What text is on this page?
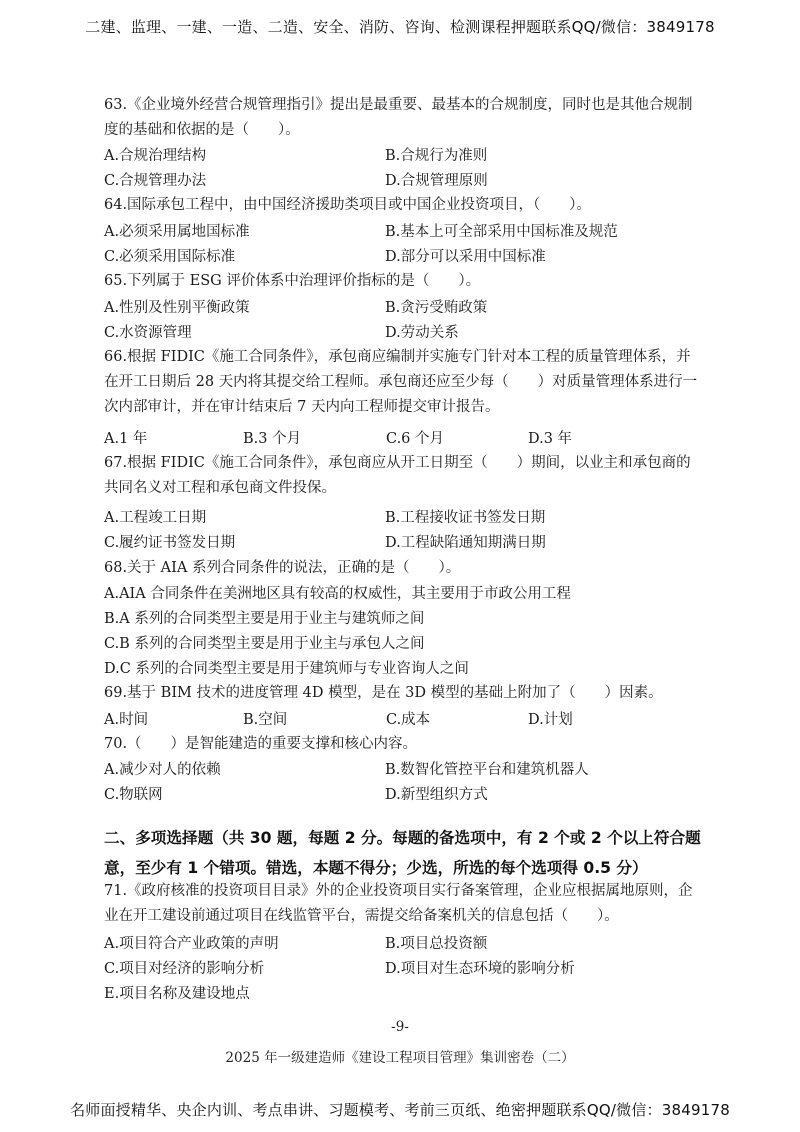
二建、监理、一建、一造、二造、安全、消防、咨询、检测课程押题联系QQ/微信：3849178
63.《企业境外经营合规管理指引》提出是最重要、最基本的合规制度，同时也是其他合规制度的基础和依据的是（　　）。
A.合规治理结构	B.合规行为准则
C.合规管理办法	D.合规管理原则
64.国际承包工程中，由中国经济援助类项目或中国企业投资项目，（　　）。
A.必须采用属地国标准	B.基本上可全部采用中国标准及规范
C.必须采用国际标准	D.部分可以采用中国标准
65.下列属于 ESG 评价体系中治理评价指标的是（　　）。
A.性别及性别平衡政策	B.贪污受贿政策
C.水资源管理	D.劳动关系
66.根据 FIDIC《施工合同条件》，承包商应编制并实施专门针对本工程的质量管理体系，并在开工日期后 28 天内将其提交给工程师。承包商还应至少每（　　）对质量管理体系进行一次内部审计，并在审计结束后 7 天内向工程师提交审计报告。
A.1 年	B.3 个月	C.6 个月	D.3 年
67.根据 FIDIC《施工合同条件》，承包商应从开工日期至（　　）期间，以业主和承包商的共同名义对工程和承包商文件投保。
A.工程竣工日期	B.工程接收证书签发日期
C.履约证书签发日期	D.工程缺陷通知期满日期
68.关于 AIA 系列合同条件的说法，正确的是（　　）。
A.AIA 合同条件在美洲地区具有较高的权威性，其主要用于市政公用工程
B.A 系列的合同类型主要是用于业主与建筑师之间
C.B 系列的合同类型主要是用于业主与承包人之间
D.C 系列的合同类型主要是用于建筑师与专业咨询人之间
69.基于 BIM 技术的进度管理 4D 模型，是在 3D 模型的基础上附加了（　　）因素。
A.时间	B.空间	C.成本	D.计划
70.（　　）是智能建造的重要支撑和核心内容。
A.减少对人的依赖	B.数智化管控平台和建筑机器人
C.物联网	D.新型组织方式
二、多项选择题（共 30 题，每题 2 分。每题的备选项中，有 2 个或 2 个以上符合题意，至少有 1 个错项。错选，本题不得分；少选，所选的每个选项得 0.5 分）
71.《政府核准的投资项目目录》外的企业投资项目实行备案管理，企业应根据属地原则，企业在开工建设前通过项目在线监管平台，需提交给备案机关的信息包括（　　）。
A.项目符合产业政策的声明	B.项目总投资额
C.项目对经济的影响分析	D.项目对生态环境的影响分析
E.项目名称及建设地点
-9-
2025 年一级建造师《建设工程项目管理》集训密卷（二）
名师面授精华、央企内训、考点串讲、习题模考、考前三页纸、绝密押题联系QQ/微信：3849178
